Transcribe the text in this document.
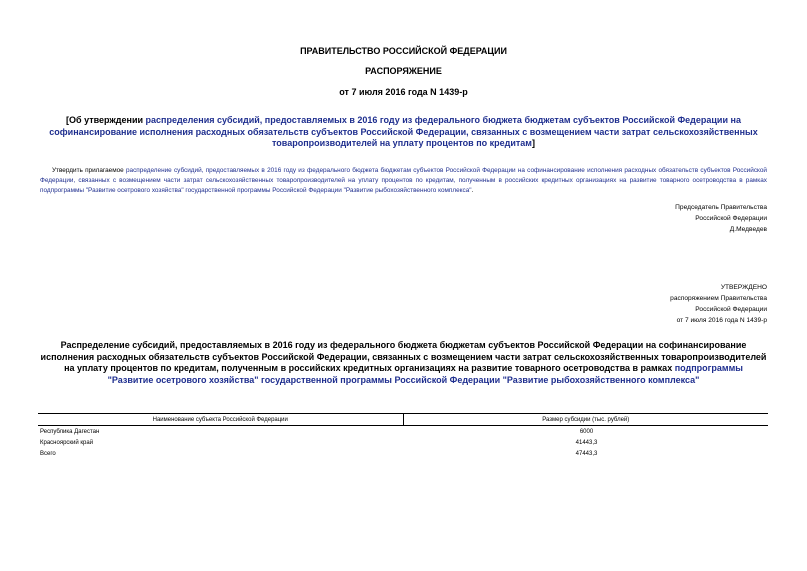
ПРАВИТЕЛЬСТВО РОССИЙСКОЙ ФЕДЕРАЦИИ
РАСПОРЯЖЕНИЕ
от 7 июля 2016 года N 1439-р
[Об утверждении распределения субсидий, предоставляемых в 2016 году из федерального бюджета бюджетам субъектов Российской Федерации на софинансирование исполнения расходных обязательств субъектов Российской Федерации, связанных с возмещением части затрат сельскохозяйственных товаропроизводителей на уплату процентов по кредитам]
Утвердить прилагаемое распределение субсидий, предоставляемых в 2016 году из федерального бюджета бюджетам субъектов Российской Федерации на софинансирование исполнения расходных обязательств субъектов Российской Федерации, связанных с возмещением части затрат сельскохозяйственных товаропроизводителей на уплату процентов по кредитам, полученным в российских кредитных организациях на развитие товарного осетроводства в рамках подпрограммы "Развитие осетрового хозяйства" государственной программы Российской Федерации "Развитие рыбохозяйственного комплекса".
Председатель Правительства
Российской Федерации
Д.Медведев
УТВЕРЖДЕНО
распоряжением Правительства
Российской Федерации
от 7 июля 2016 года N 1439-р
Распределение субсидий, предоставляемых в 2016 году из федерального бюджета бюджетам субъектов Российской Федерации на софинансирование исполнения расходных обязательств субъектов Российской Федерации, связанных с возмещением части затрат сельскохозяйственных товаропроизводителей на уплату процентов по кредитам, полученным в российских кредитных организациях на развитие товарного осетроводства в рамках подпрограммы "Развитие осетрового хозяйства" государственной программы Российской Федерации "Развитие рыбохозяйственного комплекса"
Наименование субъекта Российской Федерации	Размер субсидии (тыс. рублей)
Республика Дагестан	6000
Красноярский край	41443,3
Всего	47443,3
